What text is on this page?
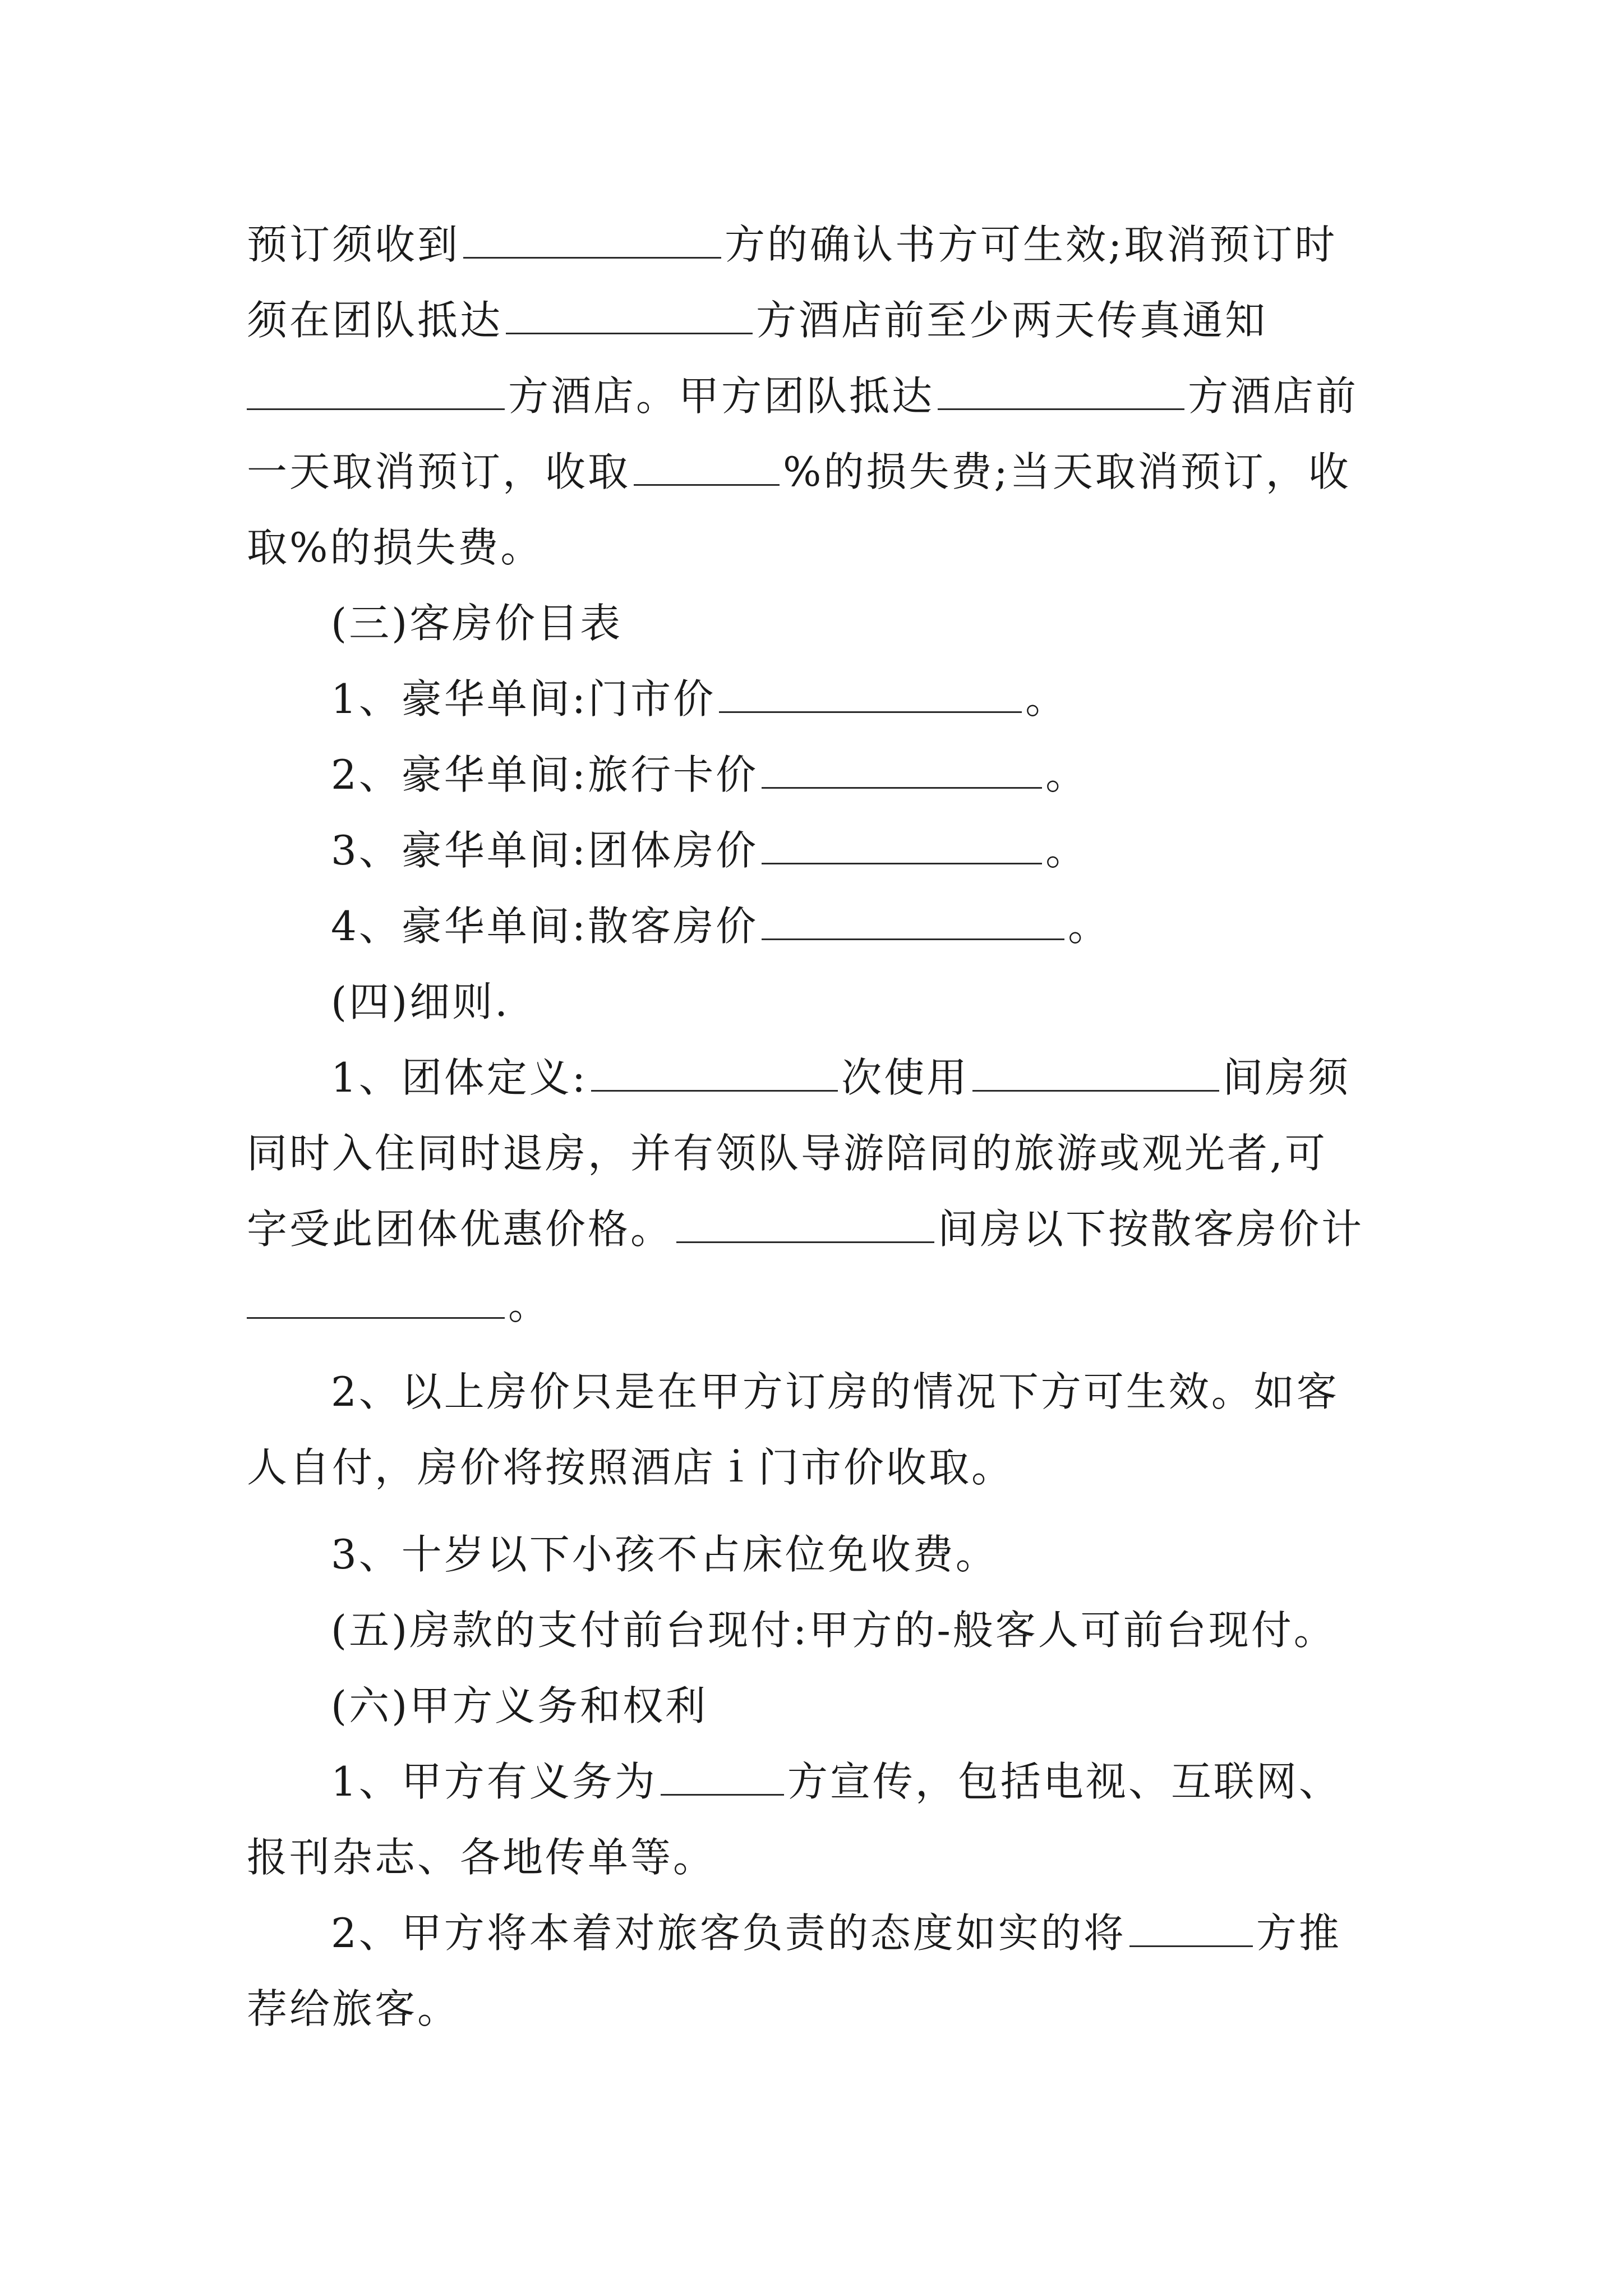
预订须收到	方的确认书方可生效;取消预订时
须在团队抵达	方酒店前至少两天传真通知
方酒店。甲方团队抵达	方酒店前
一天取消预订，收取	%的损失费;当天取消预订，收
取%的损失费。
(三)客房价目表
1、豪华单间:门市价	。
2、豪华单间:旅行卡价	。
3、豪华单间:团体房价	。
4、豪华单间:散客房价	。
(四)细则.
1、团体定义:	次使用	间房须
同时入住同时退房，并有领队导游陪同的旅游或观光者,可
字受此团体优惠价格。	间房以下按散客房价计
。
2、以上房价只是在甲方订房的情况下方可生效。如客
人自付，房价将按照酒店ｉ门市价收取。
3、十岁以下小孩不占床位免收费。
(五)房款的支付前台现付:甲方的-般客人可前台现付。
(六)甲方义务和权利
1、甲方有义务为	方宣传，包括电视、互联网、
报刊杂志、各地传单等。
2、甲方将本着对旅客负责的态度如实的将	方推
荐给旅客。
